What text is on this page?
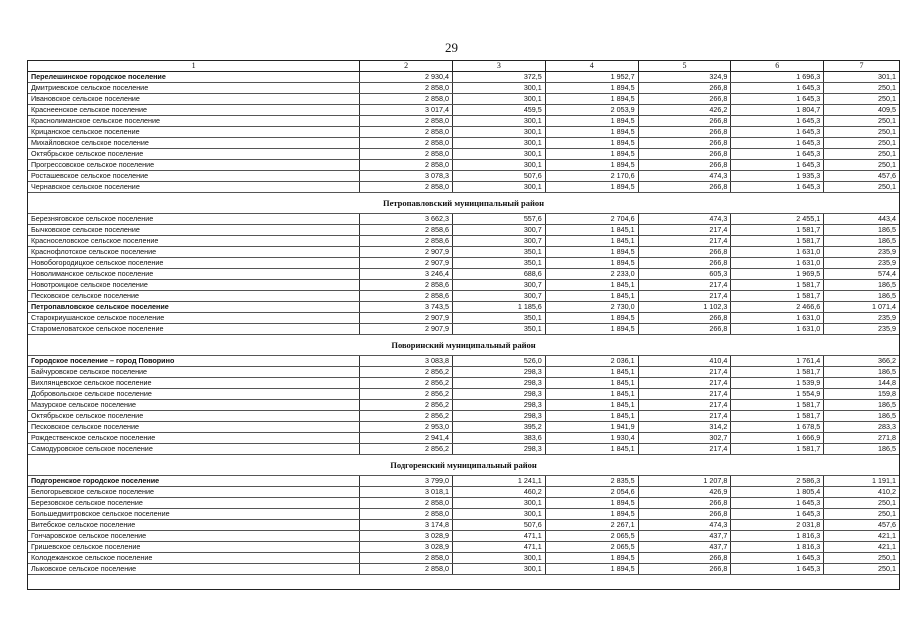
29
1	2	3	4	5	6	7
Перелешинское городское поселение	2 930,4	372,5	1 952,7	324,9	1 696,3	301,1
Дмитриевское сельское поселение	2 858,0	300,1	1 894,5	266,8	1 645,3	250,1
Ивановское сельское поселение	2 858,0	300,1	1 894,5	266,8	1 645,3	250,1
Краснеенское сельское поселение	3 017,4	459,5	2 053,9	426,2	1 804,7	409,5
Краснолиманское сельское поселение	2 858,0	300,1	1 894,5	266,8	1 645,3	250,1
Крицанское сельское поселение	2 858,0	300,1	1 894,5	266,8	1 645,3	250,1
Михайловское сельское поселение	2 858,0	300,1	1 894,5	266,8	1 645,3	250,1
Октябрьское сельское поселение	2 858,0	300,1	1 894,5	266,8	1 645,3	250,1
Прогрессовское сельское поселение	2 858,0	300,1	1 894,5	266,8	1 645,3	250,1
Росташевское сельское поселение	3 078,3	507,6	2 170,6	474,3	1 935,3	457,6
Чернавское сельское поселение	2 858,0	300,1	1 894,5	266,8	1 645,3	250,1
Петропавловский муниципальный район
Березняговское сельское поселение	3 662,3	557,6	2 704,6	474,3	2 455,1	443,4
Бычковское сельское поселение	2 858,6	300,7	1 845,1	217,4	1 581,7	186,5
Красноселовское сельское поселение	2 858,6	300,7	1 845,1	217,4	1 581,7	186,5
Краснофлотское сельское поселение	2 907,9	350,1	1 894,5	266,8	1 631,0	235,9
Новобогородицкое сельское поселение	2 907,9	350,1	1 894,5	266,8	1 631,0	235,9
Новолиманское сельское поселение	3 246,4	688,6	2 233,0	605,3	1 969,5	574,4
Новотроицкое сельское поселение	2 858,6	300,7	1 845,1	217,4	1 581,7	186,5
Песковское сельское поселение	2 858,6	300,7	1 845,1	217,4	1 581,7	186,5
Петропавловское сельское поселение	3 743,5	1 185,6	2 730,0	1 102,3	2 466,6	1 071,4
Старокриушанское сельское поселение	2 907,9	350,1	1 894,5	266,8	1 631,0	235,9
Старомеловатское сельское поселение	2 907,9	350,1	1 894,5	266,8	1 631,0	235,9
Поворинский муниципальный район
Городское поселение – город Поворино	3 083,8	526,0	2 036,1	410,4	1 761,4	366,2
Байчуровское сельское поселение	2 856,2	298,3	1 845,1	217,4	1 581,7	186,5
Вихлянцевское сельское поселение	2 856,2	298,3	1 845,1	217,4	1 539,9	144,8
Добровольское сельское поселение	2 856,2	298,3	1 845,1	217,4	1 554,9	159,8
Мазурское сельское поселение	2 856,2	298,3	1 845,1	217,4	1 581,7	186,5
Октябрьское сельское поселение	2 856,2	298,3	1 845,1	217,4	1 581,7	186,5
Песковское сельское поселение	2 953,0	395,2	1 941,9	314,2	1 678,5	283,3
Рождественское сельское поселение	2 941,4	383,6	1 930,4	302,7	1 666,9	271,8
Самодуровское сельское поселение	2 856,2	298,3	1 845,1	217,4	1 581,7	186,5
Подгоренский муниципальный район
Подгоренское городское поселение	3 799,0	1 241,1	2 835,5	1 207,8	2 586,3	1 191,1
Белогорьевское сельское поселение	3 018,1	460,2	2 054,6	426,9	1 805,4	410,2
Березовское сельское поселение	2 858,0	300,1	1 894,5	266,8	1 645,3	250,1
Большедмитровское сельское поселение	2 858,0	300,1	1 894,5	266,8	1 645,3	250,1
Витебское сельское поселение	3 174,8	507,6	2 267,1	474,3	2 031,8	457,6
Гончаровское сельское поселение	3 028,9	471,1	2 065,5	437,7	1 816,3	421,1
Гришевское сельское поселение	3 028,9	471,1	2 065,5	437,7	1 816,3	421,1
Колодежанское сельское поселение	2 858,0	300,1	1 894,5	266,8	1 645,3	250,1
Лыковское сельское поселение	2 858,0	300,1	1 894,5	266,8	1 645,3	250,1
